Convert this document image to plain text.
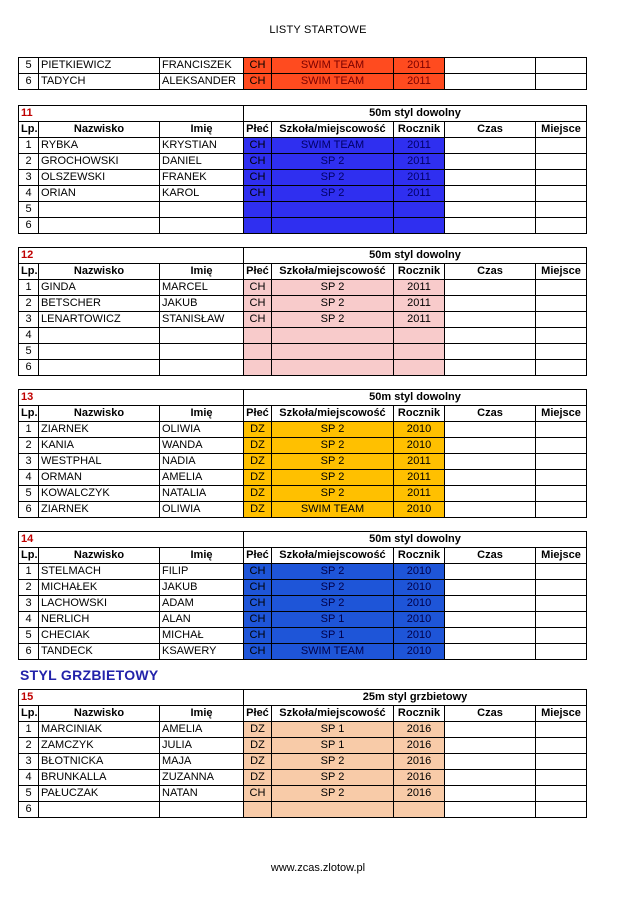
LISTY STARTOWE
5	PIETKIEWICZ	FRANCISZEK	CH	SWIM TEAM	2011		
6	TADYCH	ALEKSANDER	CH	SWIM TEAM	2011		
11			50m styl dowolny				
Lp.	Nazwisko	Imię	Płeć	Szkoła/miejscowość	Rocznik	Czas	Miejsce
1	RYBKA	KRYSTIAN	CH	SWIM TEAM	2011		
2	GROCHOWSKI	DANIEL	CH	SP 2	2011		
3	OLSZEWSKI	FRANEK	CH	SP 2	2011		
4	ORIAN	KAROL	CH	SP 2	2011		
5							
6							
12			50m styl dowolny				
Lp.	Nazwisko	Imię	Płeć	Szkoła/miejscowość	Rocznik	Czas	Miejsce
1	GINDA	MARCEL	CH	SP 2	2011		
2	BETSCHER	JAKUB	CH	SP 2	2011		
3	LENARTOWICZ	STANISŁAW	CH	SP 2	2011		
4							
5							
6							
13			50m styl dowolny				
Lp.	Nazwisko	Imię	Płeć	Szkoła/miejscowość	Rocznik	Czas	Miejsce
1	ZIARNEK	OLIWIA	DZ	SP 2	2010		
2	KANIA	WANDA	DZ	SP 2	2010		
3	WESTPHAL	NADIA	DZ	SP 2	2011		
4	ORMAN	AMELIA	DZ	SP 2	2011		
5	KOWALCZYK	NATALIA	DZ	SP 2	2011		
6	ZIARNEK	OLIWIA	DZ	SWIM TEAM	2010		
14			50m styl dowolny				
Lp.	Nazwisko	Imię	Płeć	Szkoła/miejscowość	Rocznik	Czas	Miejsce
1	STELMACH	FILIP	CH	SP 2	2010		
2	MICHAŁEK	JAKUB	CH	SP 2	2010		
3	LACHOWSKI	ADAM	CH	SP 2	2010		
4	NERLICH	ALAN	CH	SP 1	2010		
5	CHECIAK	MICHAŁ	CH	SP 1	2010		
6	TANDECK	KSAWERY	CH	SWIM TEAM	2010		
15			25m styl grzbietowy				
Lp.	Nazwisko	Imię	Płeć	Szkoła/miejscowość	Rocznik	Czas	Miejsce
1	MARCINIAK	AMELIA	DZ	SP 1	2016		
2	ZAMCZYK	JULIA	DZ	SP 1	2016		
3	BŁOTNICKA	MAJA	DZ	SP 2	2016		
4	BRUNKALLA	ZUZANNA	DZ	SP 2	2016		
5	PAŁUCZAK	NATAN	CH	SP 2	2016		
6							
STYL GRZBIETOWY
www.zcas.zlotow.pl
